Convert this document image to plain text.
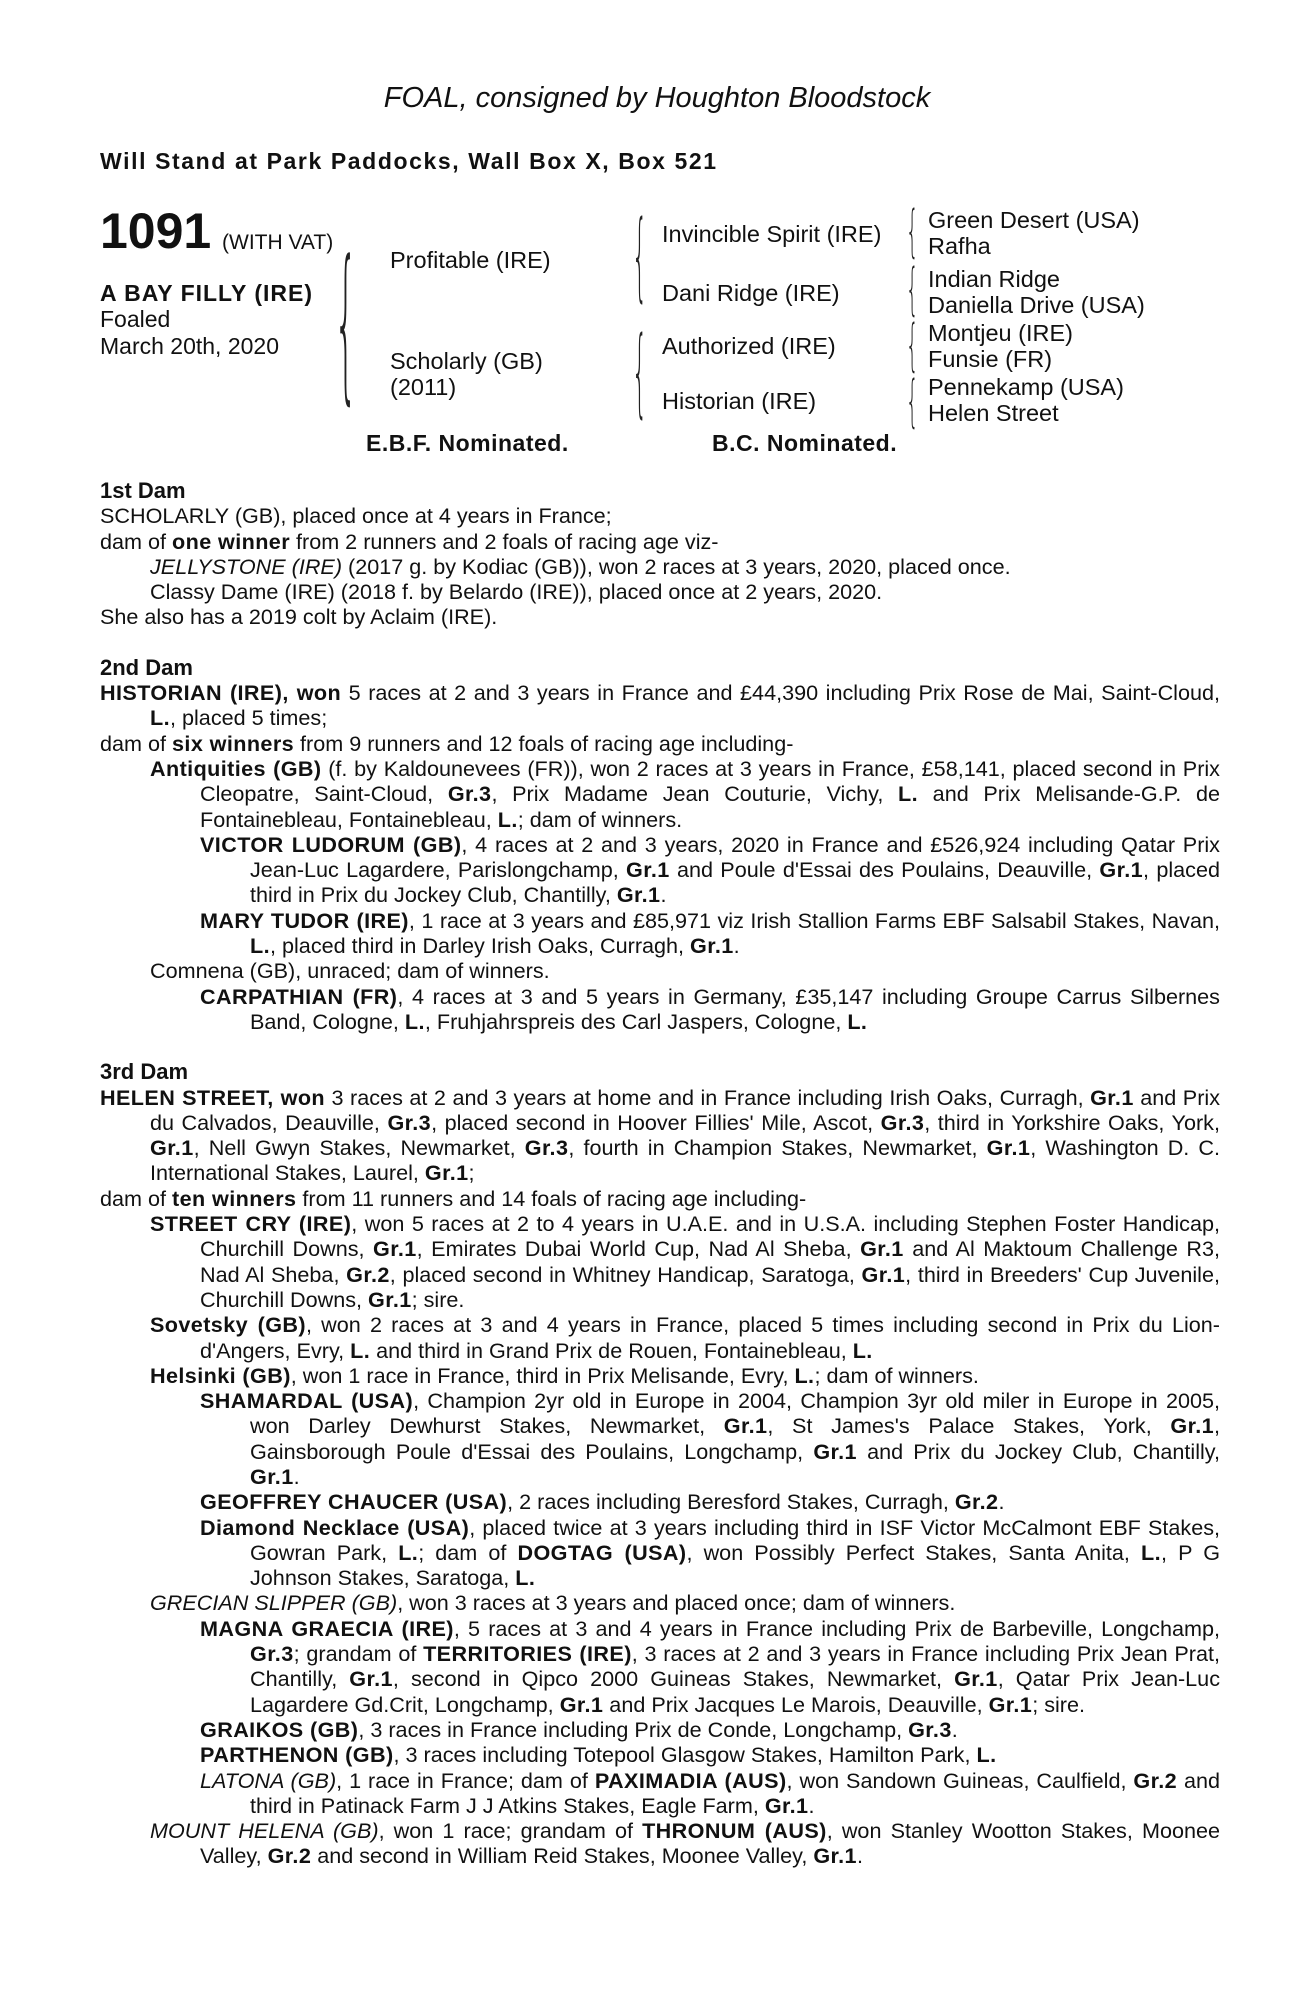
FOAL, consigned by Houghton Bloodstock
Will Stand at Park Paddocks, Wall Box X, Box 521
1091 (WITH VAT)
A BAY FILLY (IRE)
Foaled
March 20th, 2020 { Profitable (IRE)
Scholarly (GB)
(2011)
{
{
Invincible Spirit (IRE)
Dani Ridge (IRE)
Authorized (IRE)
Historian (IRE)
{
{
{
{
Green Desert (USA)
Rafha
Indian Ridge
Daniella Drive (USA)
Montjeu (IRE)
Funsie (FR)
Pennekamp (USA)
Helen Street
E.B.F. Nominated.	B.C. Nominated.

1st Dam

SCHOLARLY (GB), placed once at 4 years in France;

dam of one winner from 2 runners and 2 foals of racing age viz-

JELLYSTONE (IRE) (2017 g. by Kodiac (GB)), won 2 races at 3 years, 2020, placed once.

Classy Dame (IRE) (2018 f. by Belardo (IRE)), placed once at 2 years, 2020.

She also has a 2019 colt by Aclaim (IRE).

2nd Dam

HISTORIAN (IRE), won 5 races at 2 and 3 years in France and £44,390 including Prix Rose de Mai, Saint-Cloud, L., placed 5 times;

dam of six winners from 9 runners and 12 foals of racing age including-

Antiquities (GB) (f. by Kaldounevees (FR)), won 2 races at 3 years in France, £58,141, placed second in Prix Cleopatre, Saint-Cloud, Gr.3, Prix Madame Jean Couturie, Vichy, L. and Prix Melisande-G.P. de Fontainebleau, Fontainebleau, L.; dam of winners.

VICTOR LUDORUM (GB), 4 races at 2 and 3 years, 2020 in France and £526,924 including Qatar Prix Jean-Luc Lagardere, Parislongchamp, Gr.1 and Poule d'Essai des Poulains, Deauville, Gr.1, placed third in Prix du Jockey Club, Chantilly, Gr.1.

MARY TUDOR (IRE), 1 race at 3 years and £85,971 viz Irish Stallion Farms EBF Salsabil Stakes, Navan, L., placed third in Darley Irish Oaks, Curragh, Gr.1.

Comnena (GB), unraced; dam of winners.

CARPATHIAN (FR), 4 races at 3 and 5 years in Germany, £35,147 including Groupe Carrus Silbernes Band, Cologne, L., Fruhjahrspreis des Carl Jaspers, Cologne, L.

3rd Dam

HELEN STREET, won 3 races at 2 and 3 years at home and in France including Irish Oaks, Curragh, Gr.1 and Prix du Calvados, Deauville, Gr.3, placed second in Hoover Fillies' Mile, Ascot, Gr.3, third in Yorkshire Oaks, York, Gr.1, Nell Gwyn Stakes, Newmarket, Gr.3, fourth in Champion Stakes, Newmarket, Gr.1, Washington D. C. International Stakes, Laurel, Gr.1;

dam of ten winners from 11 runners and 14 foals of racing age including-

STREET CRY (IRE), won 5 races at 2 to 4 years in U.A.E. and in U.S.A. including Stephen Foster Handicap, Churchill Downs, Gr.1, Emirates Dubai World Cup, Nad Al Sheba, Gr.1 and Al Maktoum Challenge R3, Nad Al Sheba, Gr.2, placed second in Whitney Handicap, Saratoga, Gr.1, third in Breeders' Cup Juvenile, Churchill Downs, Gr.1; sire.

Sovetsky (GB), won 2 races at 3 and 4 years in France, placed 5 times including second in Prix du Lion-d'Angers, Evry, L. and third in Grand Prix de Rouen, Fontainebleau, L.

Helsinki (GB), won 1 race in France, third in Prix Melisande, Evry, L.; dam of winners.

SHAMARDAL (USA), Champion 2yr old in Europe in 2004, Champion 3yr old miler in Europe in 2005, won Darley Dewhurst Stakes, Newmarket, Gr.1, St James's Palace Stakes, York, Gr.1, Gainsborough Poule d'Essai des Poulains, Longchamp, Gr.1 and Prix du Jockey Club, Chantilly, Gr.1.

GEOFFREY CHAUCER (USA), 2 races including Beresford Stakes, Curragh, Gr.2.

Diamond Necklace (USA), placed twice at 3 years including third in ISF Victor McCalmont EBF Stakes, Gowran Park, L.; dam of DOGTAG (USA), won Possibly Perfect Stakes, Santa Anita, L., P G Johnson Stakes, Saratoga, L.

GRECIAN SLIPPER (GB), won 3 races at 3 years and placed once; dam of winners.

MAGNA GRAECIA (IRE), 5 races at 3 and 4 years in France including Prix de Barbeville, Longchamp, Gr.3; grandam of TERRITORIES (IRE), 3 races at 2 and 3 years in France including Prix Jean Prat, Chantilly, Gr.1, second in Qipco 2000 Guineas Stakes, Newmarket, Gr.1, Qatar Prix Jean-Luc Lagardere Gd.Crit, Longchamp, Gr.1 and Prix Jacques Le Marois, Deauville, Gr.1; sire.

GRAIKOS (GB), 3 races in France including Prix de Conde, Longchamp, Gr.3.

PARTHENON (GB), 3 races including Totepool Glasgow Stakes, Hamilton Park, L.

LATONA (GB), 1 race in France; dam of PAXIMADIA (AUS), won Sandown Guineas, Caulfield, Gr.2 and third in Patinack Farm J J Atkins Stakes, Eagle Farm, Gr.1.

MOUNT HELENA (GB), won 1 race; grandam of THRONUM (AUS), won Stanley Wootton Stakes, Moonee Valley, Gr.2 and second in William Reid Stakes, Moonee Valley, Gr.1.
